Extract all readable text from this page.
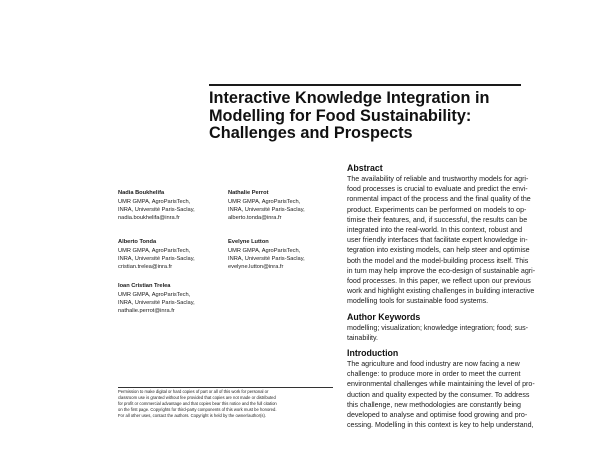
Interactive Knowledge Integration in
Modelling for Food Sustainability:
Challenges and Prospects
Nadia Boukhelifa
UMR GMPA, AgroParisTech,
INRA, Université Paris-Saclay,
nadia.boukhelifa@inra.fr
Nathalie Perrot
UMR GMPA, AgroParisTech,
INRA, Université Paris-Saclay,
alberto.tonda@inra.fr
Alberto Tonda
UMR GMPA, AgroParisTech,
INRA, Université Paris-Saclay,
cristian.trelea@inra.fr
Evelyne Lutton
UMR GMPA, AgroParisTech,
INRA, Université Paris-Saclay,
evelyne.lutton@inra.fr
Ioan Cristian Trelea
UMR GMPA, AgroParisTech,
INRA, Université Paris-Saclay,
nathalie.perrot@inra.fr
Permission to make digital or hard copies of part or all of this work for personal or
classroom use is granted without fee provided that copies are not made or distributed
for profit or commercial advantage and that copies bear this notice and the full citation
on the first page. Copyrights for third-party components of this work must be honored.
For all other uses, contact the authors. Copyright is held by the owner/author(s).
Abstract
The availability of reliable and trustworthy models for agri-
food processes is crucial to evaluate and predict the envi-
ronmental impact of the process and the final quality of the
product. Experiments can be performed on models to op-
timise their features, and, if successful, the results can be
integrated into the real-world. In this context, robust and
user friendly interfaces that facilitate expert knowledge in-
tegration into existing models, can help steer and optimise
both the model and the model-building process itself. This
in turn may help improve the eco-design of sustainable agri-
food processes. In this paper, we reflect upon our previous
work and highlight existing challenges in building interactive
modelling tools for sustainable food systems.
Author Keywords
modelling; visualization; knowledge integration; food; sus-
tainability.
Introduction
The agriculture and food industry are now facing a new
challenge: to produce more in order to meet the current
environmental challenges while maintaining the level of pro-
duction and quality expected by the consumer. To address
this challenge, new methodologies are constantly being
developed to analyse and optimise food growing and pro-
cessing. Modelling in this context is key to help understand,
